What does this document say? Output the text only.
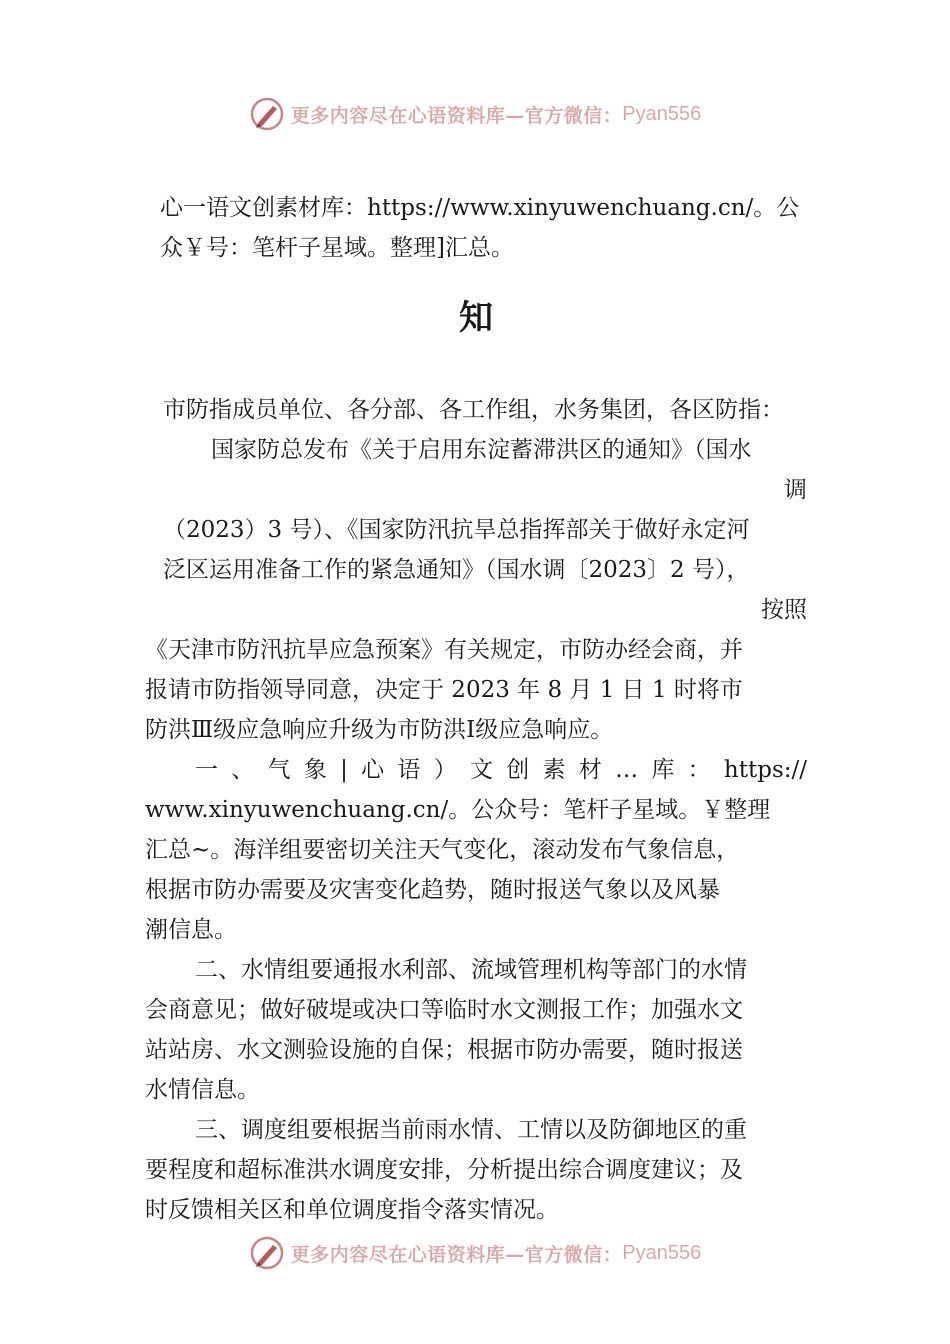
更多内容尽在心语资料库—官方微信： Pyan556
心一语文创素材库：https://www.xinyuwenchuang.cn/。公
众￥号：笔杆子星域。整理]汇总。
知
市防指成员单位、各分部、各工作组，水务集团，各区防指：
国家防总发布《关于启用东淀蓄滞洪区的通知》（国水
调
（2023）3 号）、《国家防汛抗旱总指挥部关于做好永定河
泛区运用准备工作的紧急通知》（国水调〔2023〕2 号），
按照
《天津市防汛抗旱应急预案》有关规定，市防办经会商，并
报请市防指领导同意，决定于 2023 年 8 月 1 日 1 时将市
防洪Ⅲ级应急响应升级为市防洪Ⅰ级应急响应。
一、气象|心语）文创素材…库：https://
www.xinyuwenchuang.cn/。公众号：笔杆子星域。￥整理
汇总~。海洋组要密切关注天气变化，滚动发布气象信息，
根据市防办需要及灾害变化趋势，随时报送气象以及风暴
潮信息。
二、水情组要通报水利部、流域管理机构等部门的水情
会商意见；做好破堤或决口等临时水文测报工作；加强水文
站站房、水文测验设施的自保；根据市防办需要，随时报送
水情信息。
三、调度组要根据当前雨水情、工情以及防御地区的重
要程度和超标准洪水调度安排，分析提出综合调度建议；及
时反馈相关区和单位调度指令落实情况。
更多内容尽在心语资料库—官方微信： Pyan556
